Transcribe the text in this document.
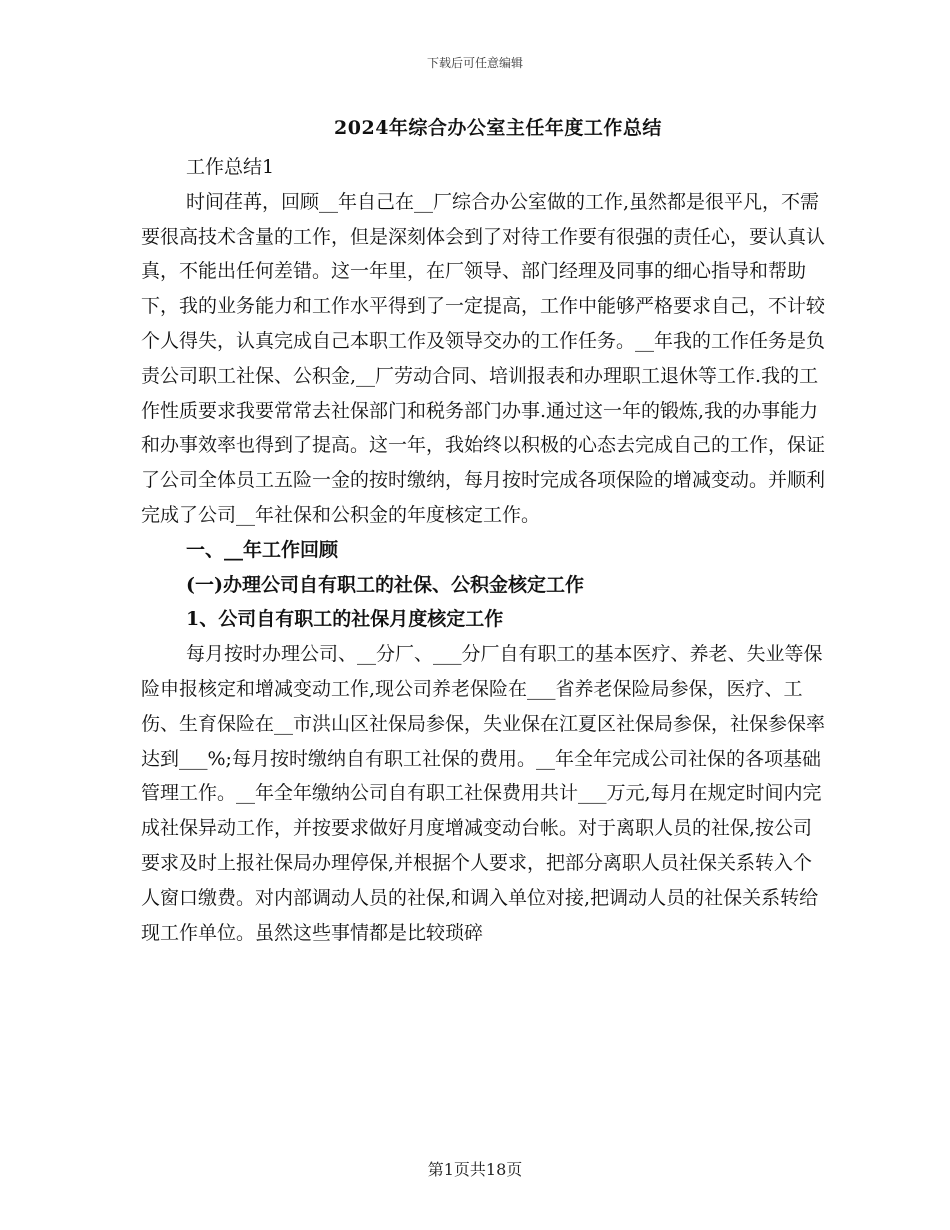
下载后可任意编辑
2024年综合办公室主任年度工作总结

工作总结1

时间荏苒，回顾__年自己在__厂综合办公室做的工作,虽然都是很平凡，不需要很高技术含量的工作，但是深刻体会到了对待工作要有很强的责任心，要认真认真，不能出任何差错。这一年里，在厂领导、部门经理及同事的细心指导和帮助下，我的业务能力和工作水平得到了一定提高，工作中能够严格要求自己，不计较个人得失，认真完成自己本职工作及领导交办的工作任务。__年我的工作任务是负责公司职工社保、公积金,__厂劳动合同、培训报表和办理职工退休等工作.我的工作性质要求我要常常去社保部门和税务部门办事.通过这一年的锻炼,我的办事能力和办事效率也得到了提高。这一年，我始终以积极的心态去完成自己的工作，保证了公司全体员工五险一金的按时缴纳，每月按时完成各项保险的增减变动。并顺利完成了公司__年社保和公积金的年度核定工作。

一、__年工作回顾

(一)办理公司自有职工的社保、公积金核定工作

1、公司自有职工的社保月度核定工作

每月按时办理公司、__分厂、___分厂自有职工的基本医疗、养老、失业等保险申报核定和增减变动工作,现公司养老保险在___省养老保险局参保，医疗、工伤、生育保险在__市洪山区社保局参保，失业保在江夏区社保局参保，社保参保率达到___%;每月按时缴纳自有职工社保的费用。__年全年完成公司社保的各项基础管理工作。__年全年缴纳公司自有职工社保费用共计___万元,每月在规定时间内完成社保异动工作，并按要求做好月度增减变动台帐。对于离职人员的社保,按公司要求及时上报社保局办理停保,并根据个人要求，把部分离职人员社保关系转入个人窗口缴费。对内部调动人员的社保,和调入单位对接,把调动人员的社保关系转给现工作单位。虽然这些事情都是比较琐碎

第1页共18页
